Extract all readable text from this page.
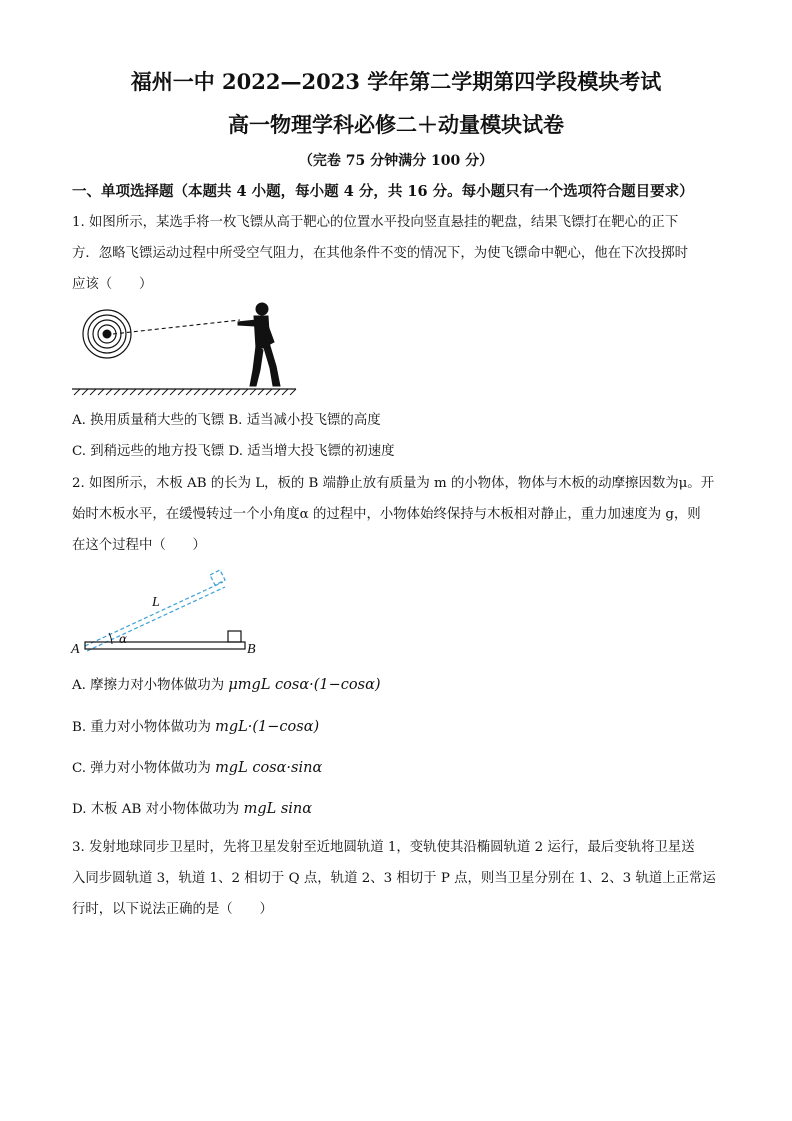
福州一中 2022—2023 学年第二学期第四学段模块考试
高一物理学科必修二＋动量模块试卷
（完卷 75 分钟满分 100 分）
一、单项选择题（本题共 4 小题，每小题 4 分，共 16 分。每小题只有一个选项符合题目要求）
1. 如图所示，某选手将一枚飞镖从高于靶心的位置水平投向竖直悬挂的靶盘，结果飞镖打在靶心的正下
方．忽略飞镖运动过程中所受空气阻力，在其他条件不变的情况下，为使飞镖命中靶心，他在下次投掷时
应该（　　）
A. 换用质量稍大些的飞镖 B. 适当减小投飞镖的高度
C. 到稍远些的地方投飞镖 D. 适当增大投飞镖的初速度
2. 如图所示，木板 AB 的长为 L，板的 B 端静止放有质量为 m 的小物体，物体与木板的动摩擦因数为μ。开
始时木板水平，在缓慢转过一个小角度α 的过程中，小物体始终保持与木板相对静止，重力加速度为 g，则
在这个过程中（　　）
A	B
L
α
A. 摩擦力对小物体做功为 μmgL cosα·(1−cosα)
B. 重力对小物体做功为 mgL·(1−cosα)
C. 弹力对小物体做功为 mgL cosα·sinα
D. 木板 AB 对小物体做功为 mgL sinα
3. 发射地球同步卫星时，先将卫星发射至近地圆轨道 1，变轨使其沿椭圆轨道 2 运行，最后变轨将卫星送
入同步圆轨道 3，轨道 1、2 相切于 Q 点，轨道 2、3 相切于 P 点，则当卫星分别在 1、2、3 轨道上正常运
行时，以下说法正确的是（　　）
